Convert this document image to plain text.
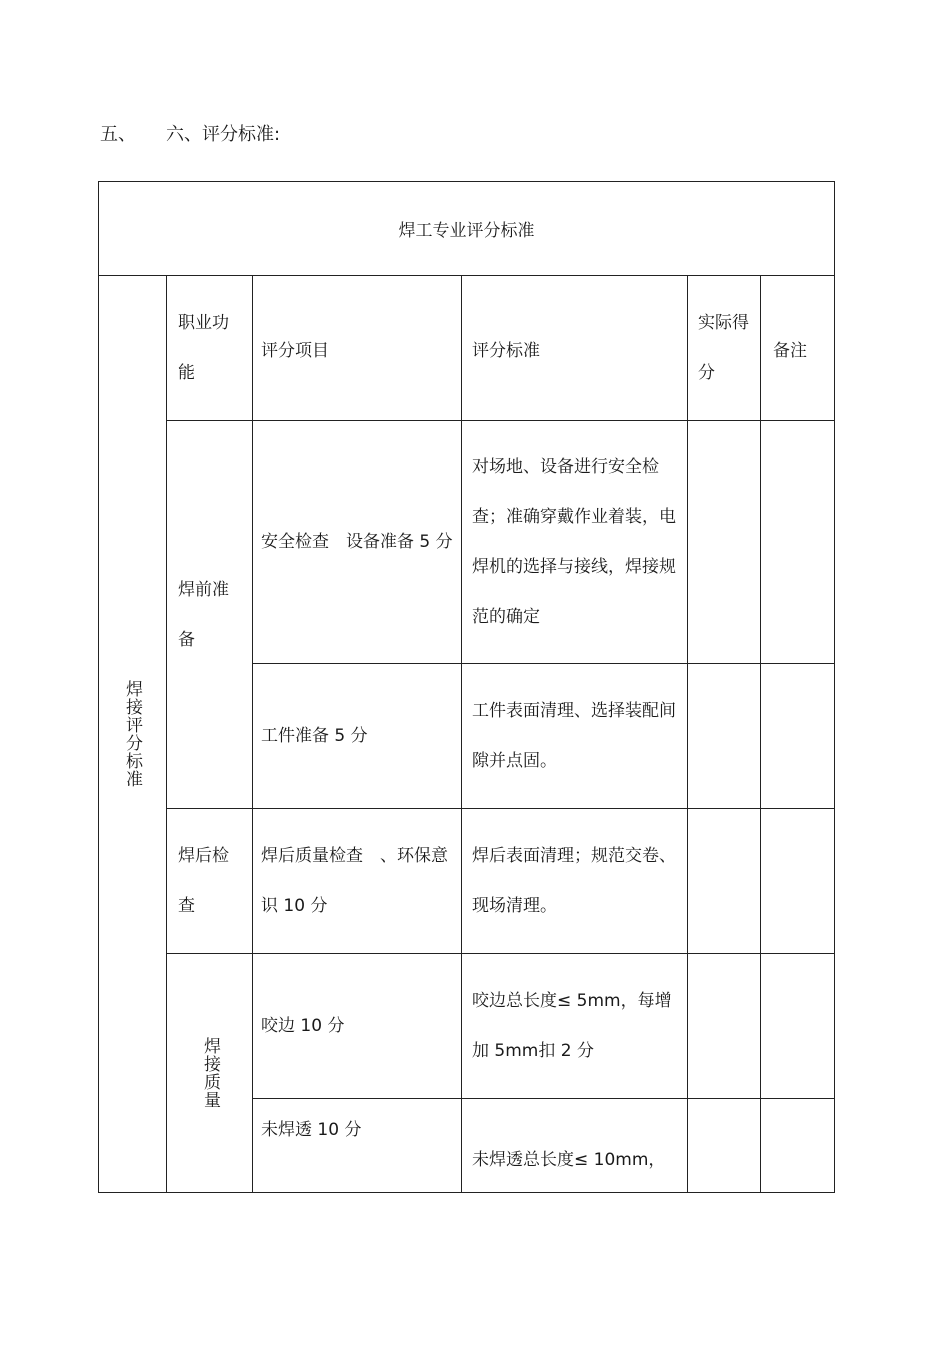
五、 六、评分标准:
焊工专业评分标准
焊接评分标准
职业功能
评分项目	评分标准
实际得分
备注
焊前准备
安全检查　设备准备 5 分
对场地、设备进行安全检查；准确穿戴作业着装，电焊机的选择与接线，焊接规范的确定
工件准备 5 分
工件表面清理、选择装配间隙并点固。
焊后检查
焊后质量检查　、环保意识 10 分
焊后表面清理；规范交卷、现场清理。
焊接质量
咬边 10 分
咬边总长度≤ 5mm，每增加 5mm扣 2 分
未焊透 10 分
未焊透总长度≤ 10mm，
